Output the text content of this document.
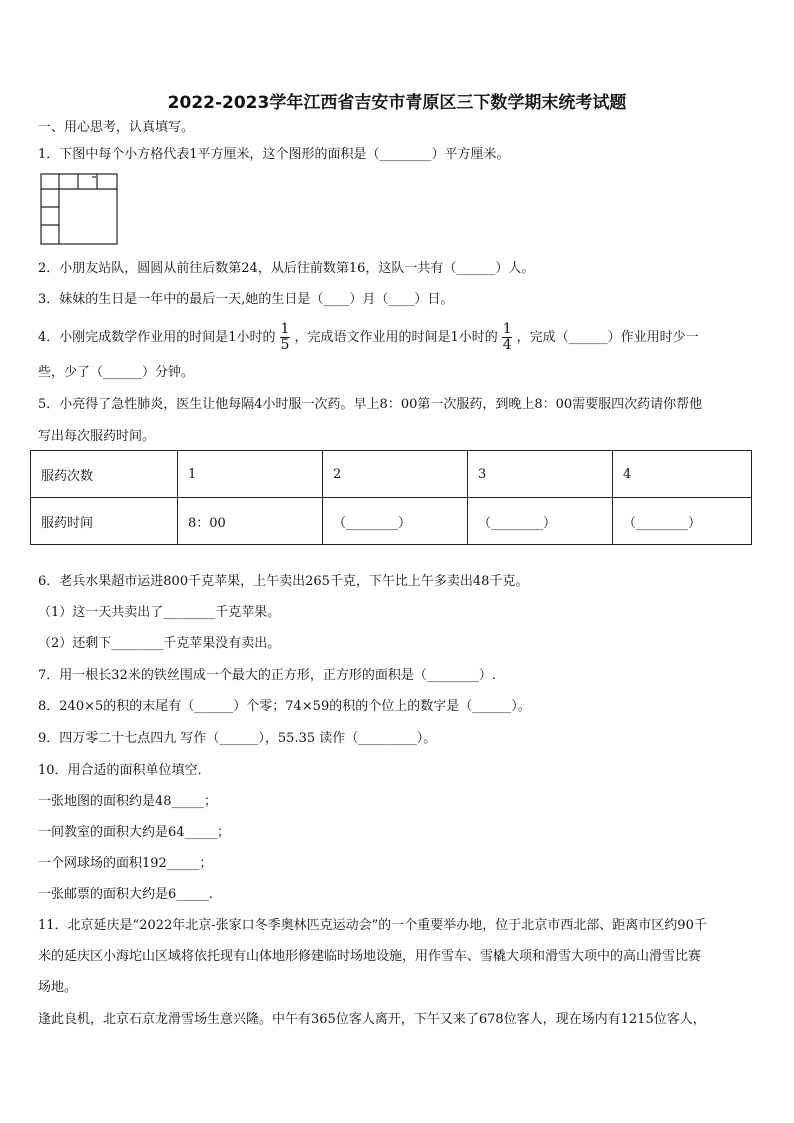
2022-2023学年江西省吉安市青原区三下数学期末统考试题
一、用心思考，认真填写。
1．下图中每个小方格代表1平方厘米，这个图形的面积是（________）平方厘米。
2．小朋友站队，圆圆从前往后数第24，从后往前数第16，这队一共有（______）人。
3．妹妹的生日是一年中的最后一天,她的生日是（____）月（____）日。
4．小刚完成数学作业用的时间是1小时的 $\frac{1}{5}$ ，完成语文作业用的时间是1小时的 $\frac{1}{4}$ ，完成（______）作业用时少一
些，少了（______）分钟。
5．小亮得了急性肺炎，医生让他每隔4小时服一次药。早上8：00第一次服药，到晚上8：00需要服四次药请你帮他
写出每次服药时间。
服药次数	1	2	3	4
服药时间	8：00	（________）	（________）	（________）
6．老兵水果超市运进800千克苹果，上午卖出265千克，下午比上午多卖出48千克。
（1）这一天共卖出了________千克苹果。
（2）还剩下________千克苹果没有卖出。
7．用一根长32米的铁丝围成一个最大的正方形，正方形的面积是（________）.
8．240×5的积的末尾有（______）个零；74×59的积的个位上的数字是（______）。
9．四万零二十七点四九 写作（______），55.35 读作（_________）。
10．用合适的面积单位填空．
一张地图的面积约是48_____；
一间教室的面积大约是64_____；
一个网球场的面积192_____；
一张邮票的面积大约是6_____.
11．北京延庆是“2022年北京-张家口冬季奥林匹克运动会”的一个重要举办地，位于北京市西北部、距离市区约90千
米的延庆区小海坨山区域将依托现有山体地形修建临时场地设施，用作雪车、雪橇大项和滑雪大项中的高山滑雪比赛
场地。
逢此良机，北京石京龙滑雪场生意兴隆。中午有365位客人离开，下午又来了678位客人，现在场内有1215位客人，
